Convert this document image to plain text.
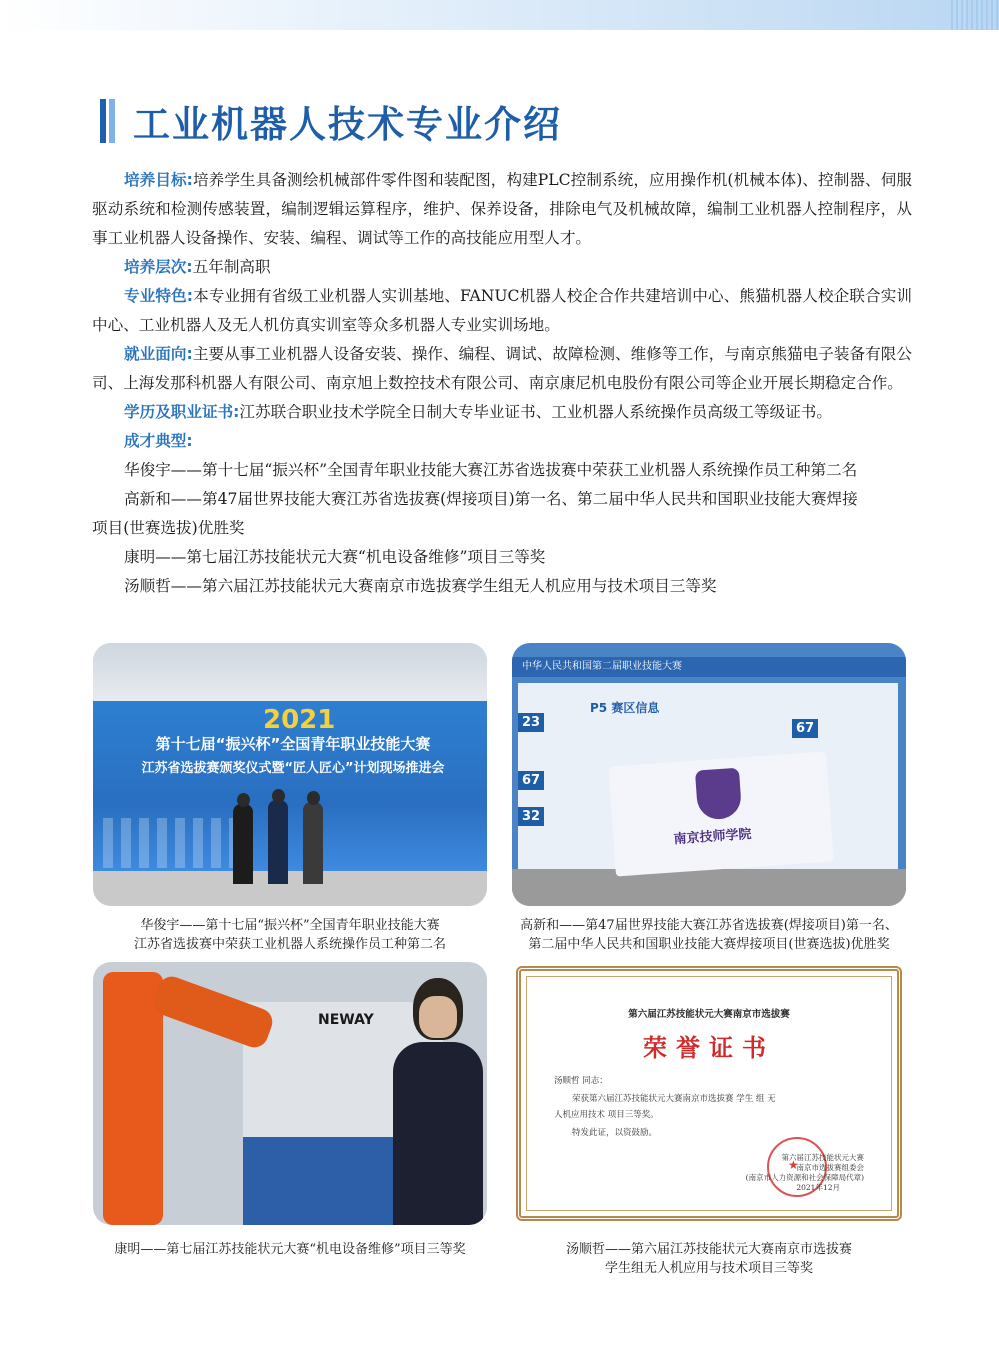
工业机器人技术专业介绍

培养目标:培养学生具备测绘机械部件零件图和装配图，构建PLC控制系统，应用操作机(机械本体)、控制器、伺服驱动系统和检测传感装置，编制逻辑运算程序，维护、保养设备，排除电气及机械故障，编制工业机器人控制程序，从事工业机器人设备操作、安装、编程、调试等工作的高技能应用型人才。

培养层次:五年制高职

专业特色:本专业拥有省级工业机器人实训基地、FANUC机器人校企合作共建培训中心、熊猫机器人校企联合实训中心、工业机器人及无人机仿真实训室等众多机器人专业实训场地。

就业面向:主要从事工业机器人设备安装、操作、编程、调试、故障检测、维修等工作，与南京熊猫电子装备有限公司、上海发那科机器人有限公司、南京旭上数控技术有限公司、南京康尼机电股份有限公司等企业开展长期稳定合作。

学历及职业证书:江苏联合职业技术学院全日制大专毕业证书、工业机器人系统操作员高级工等级证书。

成才典型:

华俊宇——第十七届“振兴杯”全国青年职业技能大赛江苏省选拔赛中荣获工业机器人系统操作员工种第二名

高新和——第47届世界技能大赛江苏省选拔赛(焊接项目)第一名、第二届中华人民共和国职业技能大赛焊接

项目(世赛选拔)优胜奖

康明——第七届江苏技能状元大赛“机电设备维修”项目三等奖

汤顺哲——第六届江苏技能状元大赛南京市选拔赛学生组无人机应用与技术项目三等奖

2021
第十七届“振兴杯”全国青年职业技能大赛
江苏省选拔赛颁奖仪式暨“匠人匠心”计划现场推进会
华俊宇——第十七届“振兴杯”全国青年职业技能大赛
江苏省选拔赛中荣获工业机器人系统操作员工种第二名
中华人民共和国第二届职业技能大赛
P5 赛区信息
23
67
32
67
南京技师学院
高新和——第47届世界技能大赛江苏省选拔赛(焊接项目)第一名、
第二届中华人民共和国职业技能大赛焊接项目(世赛选拔)优胜奖
NEWAY
康明——第七届江苏技能状元大赛“机电设备维修”项目三等奖
第六届江苏技能状元大赛南京市选拔赛
荣誉证书
汤顺哲 同志：
荣获第六届江苏技能状元大赛南京市选拔赛 学生 组 无
人机应用技术 项目三等奖。
特发此证，以资鼓励。
★
第六届江苏技能状元大赛
南京市选拔赛组委会
(南京市人力资源和社会保障局代章)
2021年12月
汤顺哲——第六届江苏技能状元大赛南京市选拔赛
学生组无人机应用与技术项目三等奖
